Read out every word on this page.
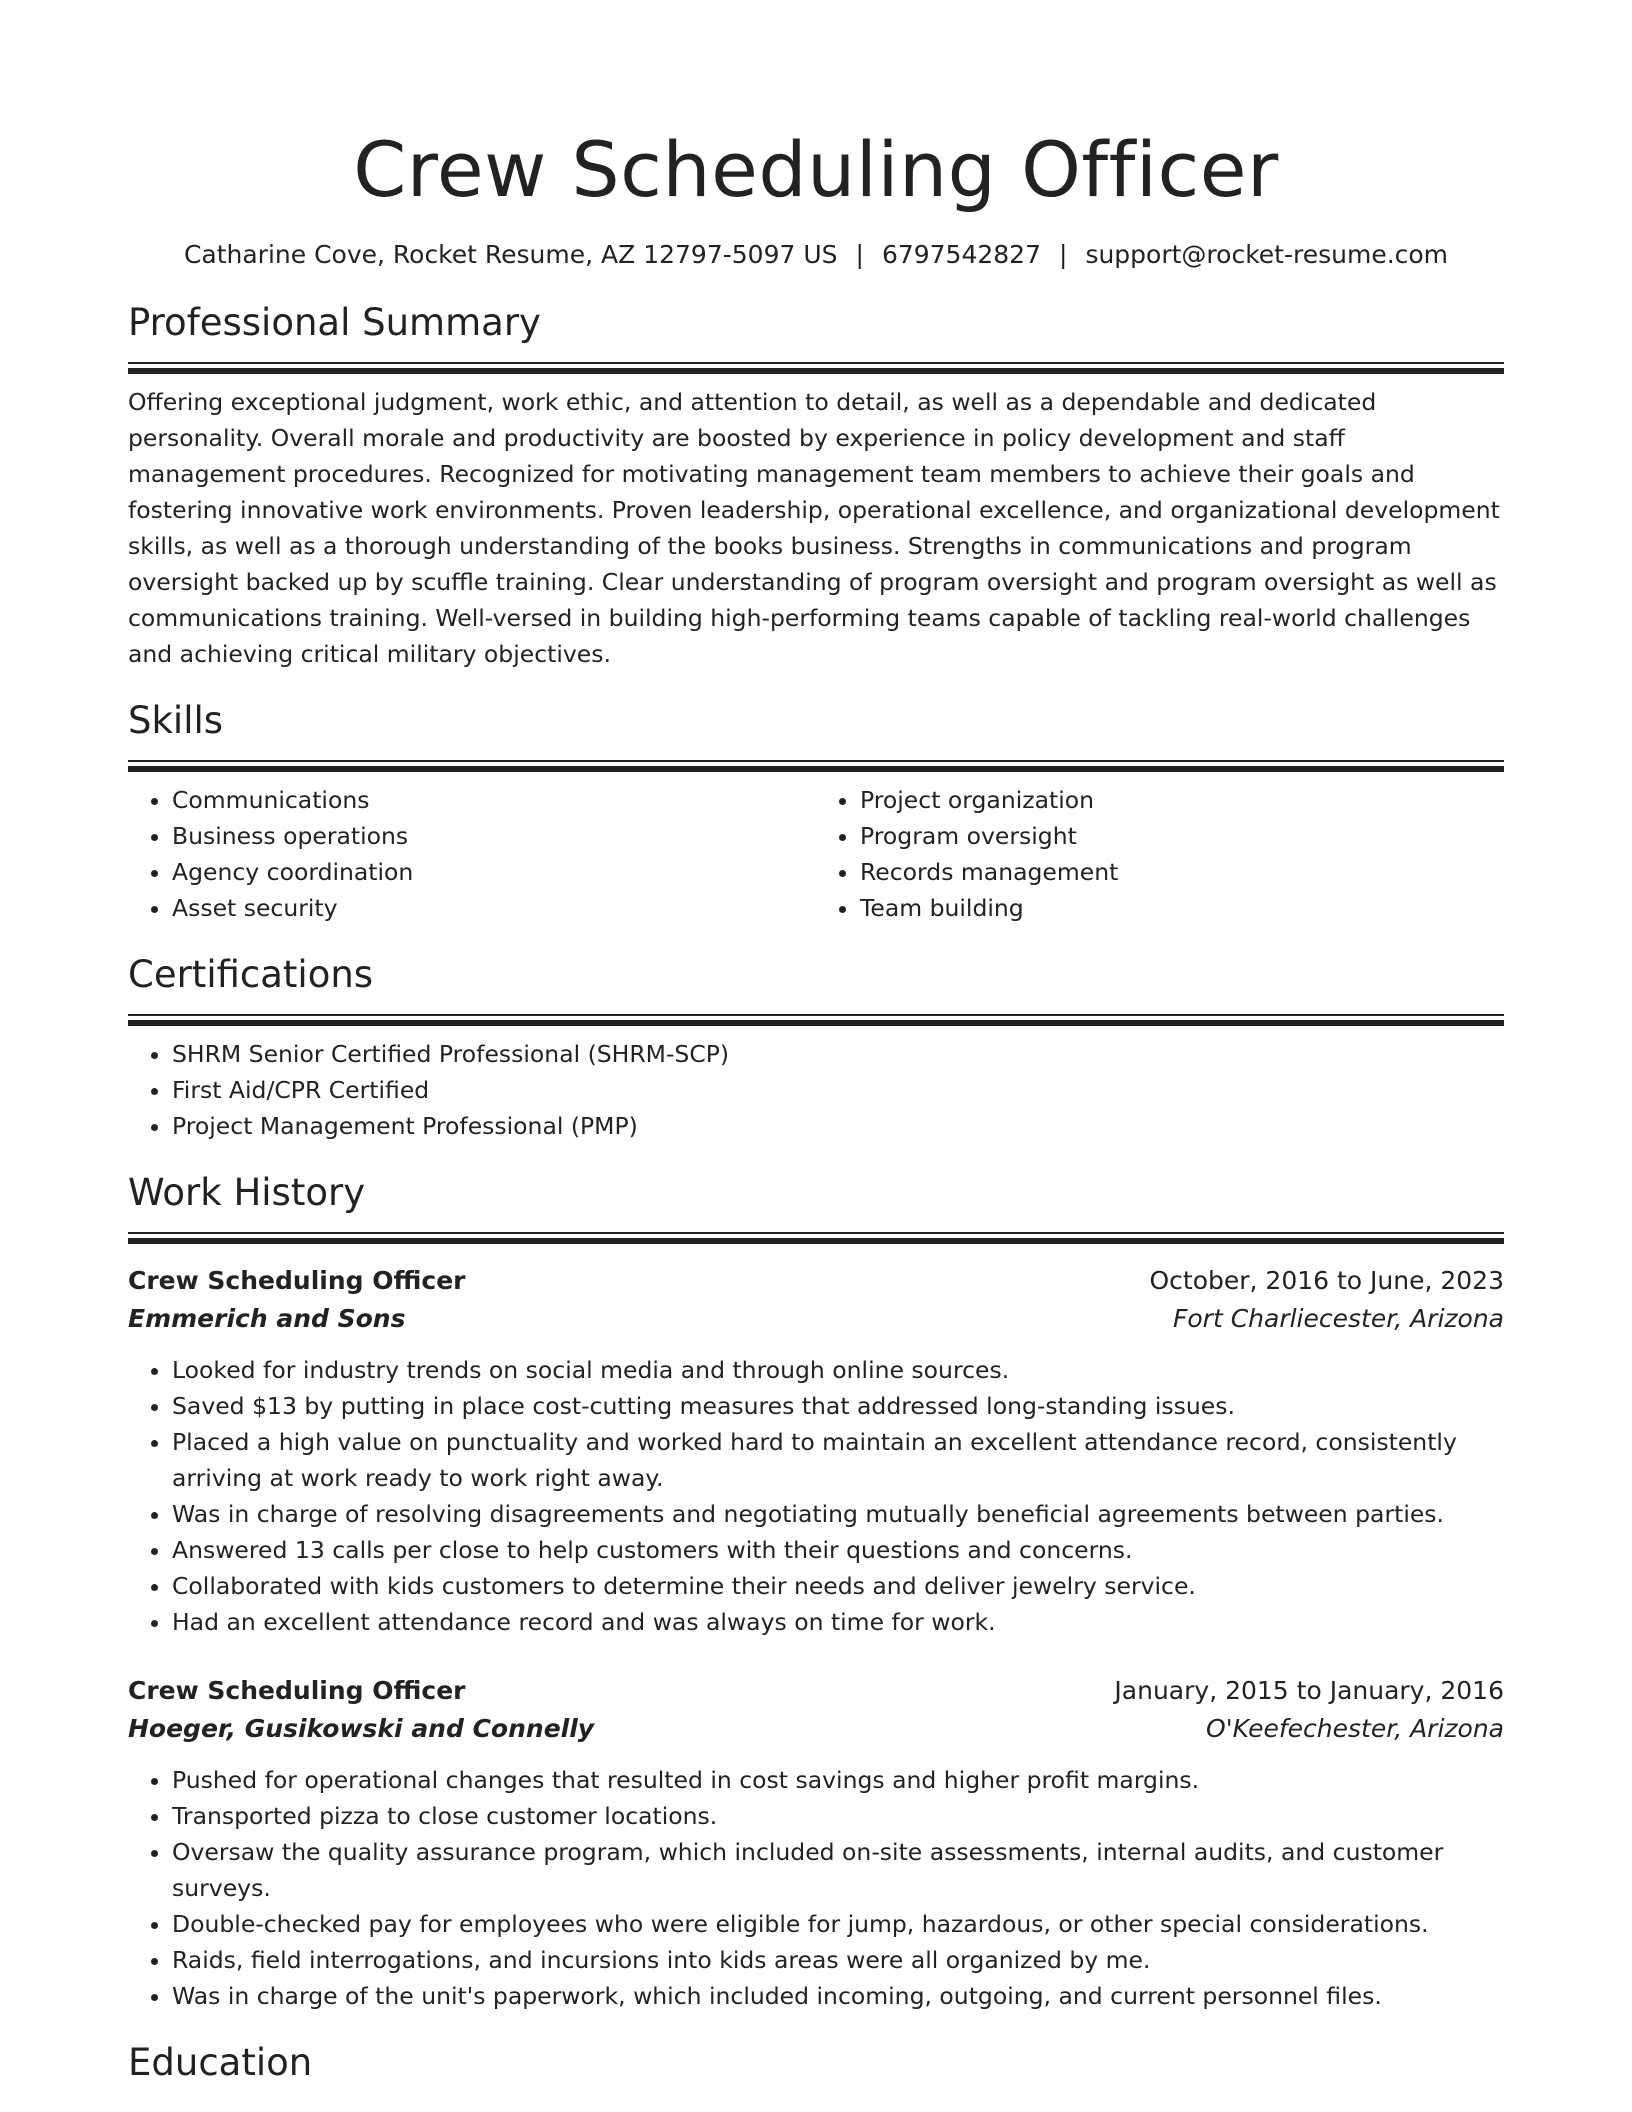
Crew Scheduling Officer
Catharine Cove, Rocket Resume, AZ 12797-5097 US | 6797542827 | support@rocket-resume.com
Professional Summary
Offering exceptional judgment, work ethic, and attention to detail, as well as a dependable and dedicated personality. Overall morale and productivity are boosted by experience in policy development and staff management procedures. Recognized for motivating management team members to achieve their goals and fostering innovative work environments. Proven leadership, operational excellence, and organizational development skills, as well as a thorough understanding of the books business. Strengths in communications and program oversight backed up by scuffle training. Clear understanding of program oversight and program oversight as well as communications training. Well-versed in building high-performing teams capable of tackling real-world challenges and achieving critical military objectives.
Skills
• Communications
• Business operations
• Agency coordination
• Asset security
• Project organization
• Program oversight
• Records management
• Team building
Certifications
• SHRM Senior Certified Professional (SHRM-SCP)
• First Aid/CPR Certified
• Project Management Professional (PMP)
Work History
Crew Scheduling Officer	October, 2016 to June, 2023
Emmerich and Sons	Fort Charliecester, Arizona
• Looked for industry trends on social media and through online sources.
• Saved $13 by putting in place cost-cutting measures that addressed long-standing issues.
• Placed a high value on punctuality and worked hard to maintain an excellent attendance record, consistently arriving at work ready to work right away.
• Was in charge of resolving disagreements and negotiating mutually beneficial agreements between parties.
• Answered 13 calls per close to help customers with their questions and concerns.
• Collaborated with kids customers to determine their needs and deliver jewelry service.
• Had an excellent attendance record and was always on time for work.
Crew Scheduling Officer	January, 2015 to January, 2016
Hoeger, Gusikowski and Connelly	O'Keefechester, Arizona
• Pushed for operational changes that resulted in cost savings and higher profit margins.
• Transported pizza to close customer locations.
• Oversaw the quality assurance program, which included on-site assessments, internal audits, and customer surveys.
• Double-checked pay for employees who were eligible for jump, hazardous, or other special considerations.
• Raids, field interrogations, and incursions into kids areas were all organized by me.
• Was in charge of the unit's paperwork, which included incoming, outgoing, and current personnel files.
Education
